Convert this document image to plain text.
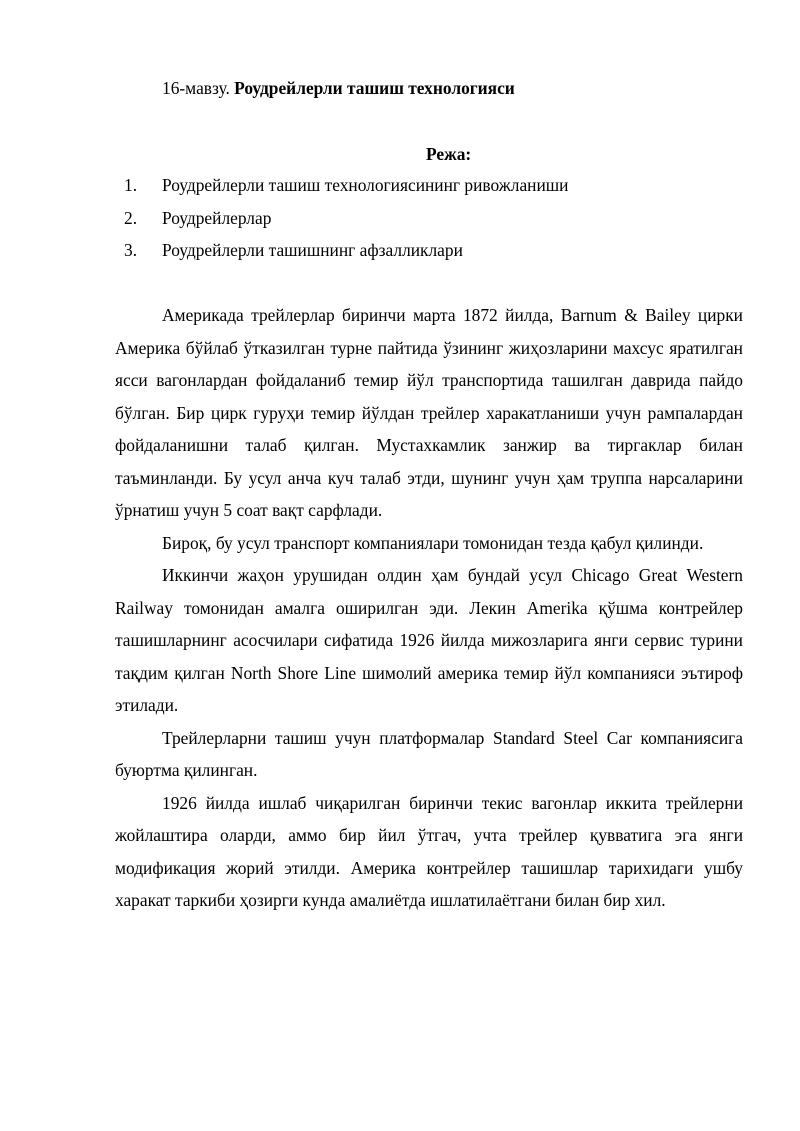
16-мавзу. Роудрейлерли ташиш технологияси
Режа:
1. Роудрейлерли ташиш технологиясининг ривожланиши
2. Роудрейлерлар
3. Роудрейлерли ташишнинг афзалликлари

Америкада трейлерлар биринчи марта 1872 йилда, Barnum & Bailey цирки Америка бўйлаб ўтказилган турне пайтида ўзининг жиҳозларини махсус яратилган ясси вагонлардан фойдаланиб темир йўл транспортида ташилган даврида пайдо бўлган. Бир цирк гуруҳи темир йўлдан трейлер харакатланиши учун рампалардан фойдаланишни талаб қилган. Мустахкамлик занжир ва тиргаклар билан таъминланди. Бу усул анча куч талаб этди, шунинг учун ҳам труппа нарсаларини ўрнатиш учун 5 соат вақт сарфлади.

Бироқ, бу усул транспорт компаниялари томонидан тезда қабул қилинди.

Иккинчи жаҳон урушидан олдин ҳам бундай усул Chicago Great Western Railway томонидан амалга оширилган эди. Лекин Amerika қўшма контрейлер ташишларнинг асосчилари сифатида 1926 йилда мижозларига янги сервис турини тақдим қилган North Shore Line шимолий америка темир йўл компанияси эътироф этилади.

Трейлерларни ташиш учун платформалар Standard Steel Car компаниясига буюртма қилинган.

1926 йилда ишлаб чиқарилган биринчи текис вагонлар иккита трейлерни жойлаштира оларди, аммо бир йил ўтгач, учта трейлер қувватига эга янги модификация жорий этилди. Америка контрейлер ташишлар тарихидаги ушбу харакат таркиби ҳозирги кунда амалиётда ишлатилаётгани билан бир хил.
